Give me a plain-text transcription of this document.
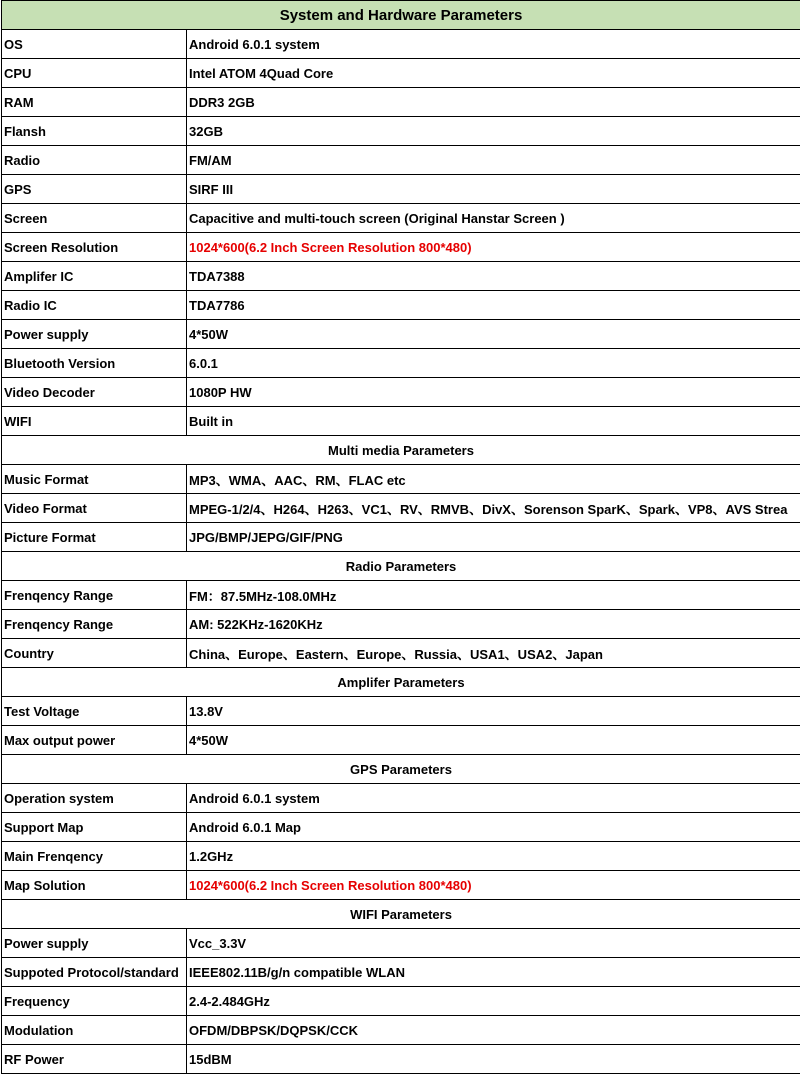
System and Hardware Parameters	
OS	Android 6.0.1 system
CPU	Intel ATOM 4Quad Core
RAM	DDR3 2GB
Flansh	32GB
Radio	FM/AM
GPS	SIRF III
Screen	Capacitive and multi-touch screen (Original Hanstar Screen )
Screen Resolution	1024*600(6.2 Inch Screen Resolution 800*480)
Amplifer IC	TDA7388
Radio IC	TDA7786
Power supply	4*50W
Bluetooth Version	6.0.1
Video Decoder	1080P HW
WIFI	Built in
Multi media Parameters	
Music Format	MP3、WMA、AAC、RM、FLAC etc
Video Format	MPEG-1/2/4、H264、H263、VC1、RV、RMVB、DivX、Sorenson SparK、Spark、VP8、AVS Strea
Picture Format	JPG/BMP/JEPG/GIF/PNG
Radio Parameters	
Frenqency Range	FM：87.5MHz-108.0MHz
Frenqency Range	AM: 522KHz-1620KHz
Country	China、Europe、Eastern、Europe、Russia、USA1、USA2、Japan
Amplifer Parameters	
Test Voltage	13.8V
Max output power	4*50W
GPS Parameters	
Operation system	Android 6.0.1 system
Support Map	Android 6.0.1 Map
Main Frenqency	1.2GHz
Map Solution	1024*600(6.2 Inch Screen Resolution 800*480)
WIFI Parameters	
Power supply	Vcc_3.3V
Suppoted Protocol/standard	IEEE802.11B/g/n compatible WLAN
Frequency	2.4-2.484GHz
Modulation	OFDM/DBPSK/DQPSK/CCK
RF Power	15dBM
